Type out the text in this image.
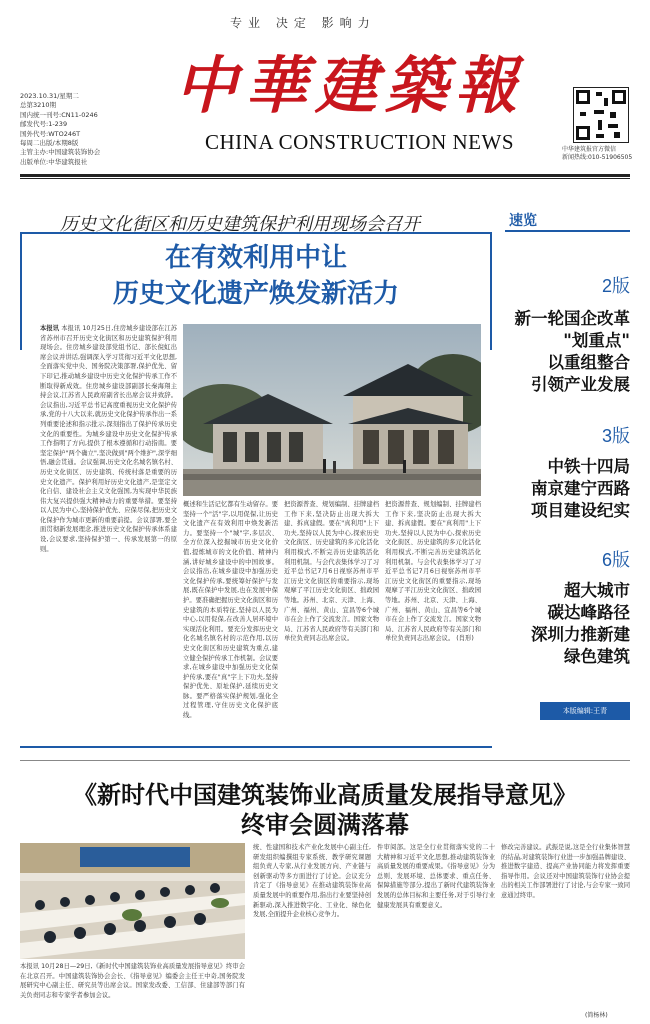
专业 决定 影响力
中華建築報
CHINA CONSTRUCTION NEWS
2023.10.31/星期二
总第3210期
国内统一刊号:CN11-0246
邮发代号:1-239
国外代号:WTO246T
每周二出版/本期8版
主管主办:中国建筑装饰协会
出版单位:中华建筑报社
中华建筑报官方微信
新闻热线:010-51906505
历史文化街区和历史建筑保护利用现场会召开
在有效利用中让
历史文化遗产焕发新活力
本报讯 本报讯 10月25日,住房城乡建设部在江苏省苏州市召开历史文化街区和历史建筑保护利用现场会。住房城乡建设部党组书记、部长倪虹出席会议并讲话,强调深入学习贯彻习近平文化思想,全面落实党中央、国务院决策部署,保护优先、留下印记,推动城乡建设中历史文化保护传承工作不断取得新成效。住房城乡建设部副部长秦海翔主持会议,江苏省人民政府副省长出席会议并致辞。会议指出,习近平总书记高度重视历史文化保护传承,党的十八大以来,就历史文化保护传承作出一系列重要论述和指示批示,深刻指出了保护传承历史文化的重要性。为城乡建设中历史文化保护传承工作指明了方向,提供了根本遵循和行动指南。要坚定保护"两个确立",坚决做到"两个维护",深学细悟,融会贯通。会议强调,历史文化名城名镇名村、历史文化街区、历史建筑、传统村落是重要的历史文化遗产。保护利用好历史文化遗产,是坚定文化自信、建设社会主义文化强国,为实现中华民族伟大复兴提供强大精神动力的重要举措。要坚持以人民为中心,坚持保护优先、应保尽保,把历史文化保护作为城市更新的重要前提。会议部署,要全面贯彻新发展理念,推进历史文化保护传承体系建设,会议要求,坚持保护第一、传承发展第一的原则。
概述和生活记忆都有生动留存。要坚持一个"活"字,以用促保,让历史文化遗产在有效利用中焕发新活力。要坚持一个"城"字,多层次、全方位深入挖掘城市历史文化价值,提炼城市的文化价值、精神内涵,讲好城乡建设中的中国故事。会议指出,在城乡建设中加强历史文化保护传承,要统筹好保护与发展,既在保护中发展,也在发展中保护。要准确把握历史文化街区和历史建筑的本质特征,坚持以人民为中心,以用促保,在改善人居环境中实现活化利用。要充分发挥历史文化名城名镇名村的示范作用,以历史文化街区和历史建筑为重点,建立健全保护传承工作机制。会议要求,在城乡建设中加强历史文化保护传承,要在"真"字上下功夫,坚持保护优先、原址保护,延续历史文脉。要严格落实保护规划,强化全过程管理,守住历史文化保护底线。
把资源普查、规划编制、挂牌建档工作下来,坚决防止出现大拆大建、拆真建假。要在"真利用"上下功夫,坚持以人民为中心,探索历史文化街区、历史建筑的多元化活化利用模式,不断完善历史建筑活化利用机制。与会代表集体学习了习近平总书记7月6日视察苏州市平江历史文化街区的重要指示,现场观摩了平江历史文化街区、拙政园等地。苏州、北京、天津、上海、广州、福州、黄山、宜昌等6个城市在会上作了交流发言。国家文物局、江苏省人民政府等有关部门和单位负责同志出席会议。
把资源普查、规划编制、挂牌建档工作下来,坚决防止出现大拆大建、拆真建假。要在"真利用"上下功夫,坚持以人民为中心,探索历史文化街区、历史建筑的多元化活化利用模式,不断完善历史建筑活化利用机制。与会代表集体学习了习近平总书记7月6日视察苏州市平江历史文化街区的重要指示,现场观摩了平江历史文化街区、拙政园等地。苏州、北京、天津、上海、广州、福州、黄山、宜昌等6个城市在会上作了交流发言。国家文物局、江苏省人民政府等有关部门和单位负责同志出席会议。 (肖形)
速览
2版
新一轮国企改革
"划重点"
以重组整合
引领产业发展
3版
中铁十四局
南京建宁西路
项目建设纪实
6版
超大城市
碳达峰路径
深圳力推新建
绿色建筑
本版编辑:王青
《新时代中国建筑装饰业高质量发展指导意见》
终审会圆满落幕
本报讯 10月28日—29日,《新时代中国建筑装饰业高质量发展指导意见》终审会在北京召开。中国建筑装饰协会会长、《指导意见》编委会主任王中奇,国务院发展研究中心副主任、研究员等出席会议。国家发改委、工信部、住建部等部门有关负责同志和专家学者参加会议。
统、性建国和技术产业化发展中心副主任,研发组织编撰组专家系统、教学研究课题组负责人专家,从行业发展方向、产业链与创新驱动等多方面进行了讨论。会议充分肯定了《指导意见》在推动建筑装饰业高质量发展中的重要作用,指出行业要坚持创新驱动,深入推进数字化、工业化、绿色化发展,全面提升企业核心竞争力。
件审阅部。这是全行业贯彻落实党的二十大精神和习近平文化思想,推动建筑装饰业高质量发展的重要成果。《指导意见》分为总则、发展环境、总体要求、重点任务、保障措施等部分,提出了新时代建筑装饰业发展的总体目标和主要任务,对于引导行业健康发展具有重要意义。
修改完善建议。武振是说,这是全行业集体智慧的结晶,对建筑装饰行业进一步加强品牌建设、推进数字建造、提高产业协同能力将发挥重要指导作用。会议还对中国建筑装饰行业协会提出的相关工作部署进行了讨论,与会专家一致同意通过终审。
(简杨林)
